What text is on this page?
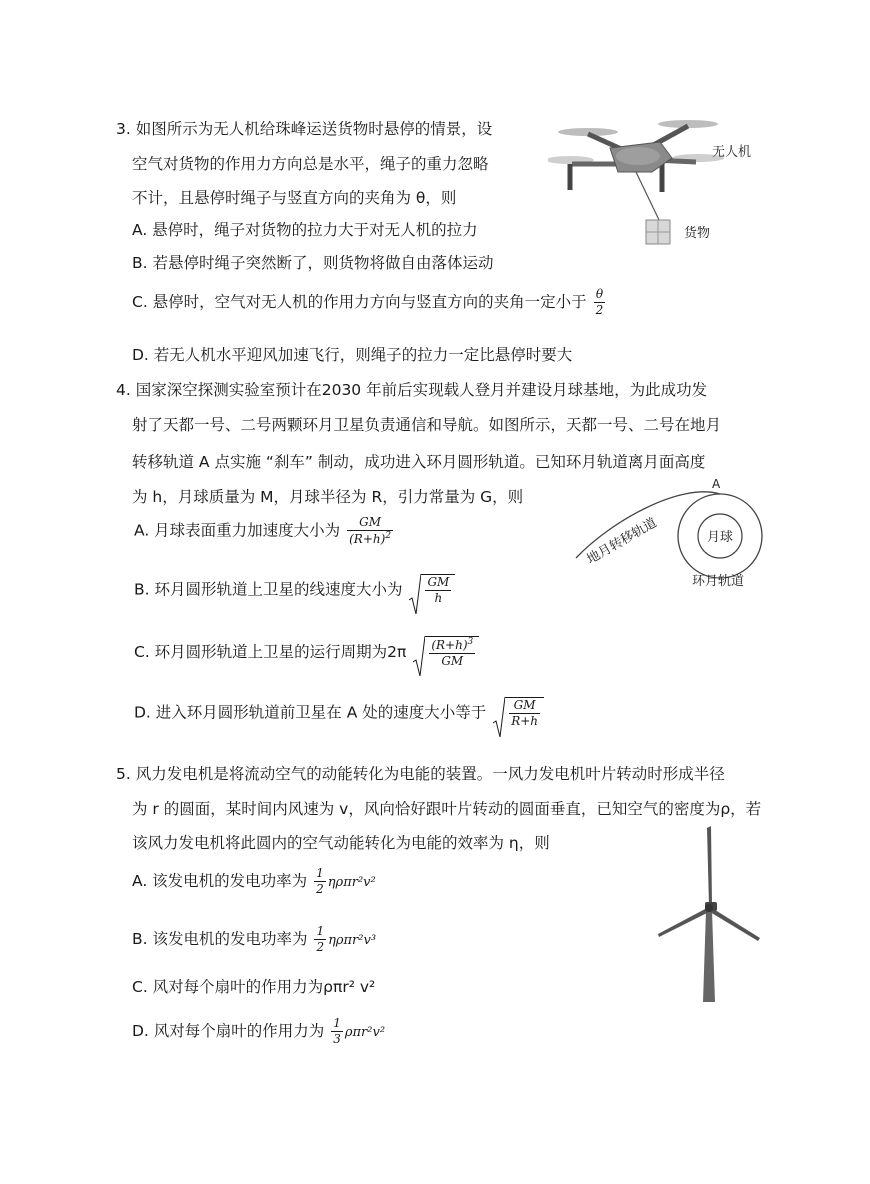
3. 如图所示为无人机给珠峰运送货物时悬停的情景，设
空气对货物的作用力方向总是水平，绳子的重力忽略
不计，且悬停时绳子与竖直方向的夹角为 θ，则
A. 悬停时，绳子对货物的拉力大于对无人机的拉力
B. 若悬停时绳子突然断了，则货物将做自由落体运动
C. 悬停时，空气对无人机的作用力方向与竖直方向的夹角一定小于 $\frac{\theta}{2}$
D. 若无人机水平迎风加速飞行，则绳子的拉力一定比悬停时要大
无人机
货物
4. 国家深空探测实验室预计在2030 年前后实现载人登月并建设月球基地，为此成功发
射了天都一号、二号两颗环月卫星负责通信和导航。如图所示，天都一号、二号在地月
转移轨道 A 点实施 “刹车” 制动，成功进入环月圆形轨道。已知环月轨道离月面高度
为 h，月球质量为 M，月球半径为 R，引力常量为 G，则
A. 月球表面重力加速度大小为 $\frac{GM}{(R+h)^2}$
B. 环月圆形轨道上卫星的线速度大小为 $\frac{GM}{h}$
C. 环月圆形轨道上卫星的运行周期为$2\pi \frac{(R+h)^3}{GM}$
D. 进入环月圆形轨道前卫星在 A 处的速度大小等于 $\frac{GM}{R+h}$
月球
A
地月转移轨道
环月轨道
5. 风力发电机是将流动空气的动能转化为电能的装置。一风力发电机叶片转动时形成半径
为 r 的圆面，某时间内风速为 v，风向恰好跟叶片转动的圆面垂直，已知空气的密度为ρ，若
该风力发电机将此圆内的空气动能转化为电能的效率为 η，则
A. 该发电机的发电功率为 $\frac{1}{2} \eta\rho\pi r^2v^2$
B. 该发电机的发电功率为 $\frac{1}{2} \eta\rho\pi r^2v^3$
C. 风对每个扇叶的作用力为ρπr² v²
D. 风对每个扇叶的作用力为 $\frac{1}{3} \rho\pi r^2v^2$
